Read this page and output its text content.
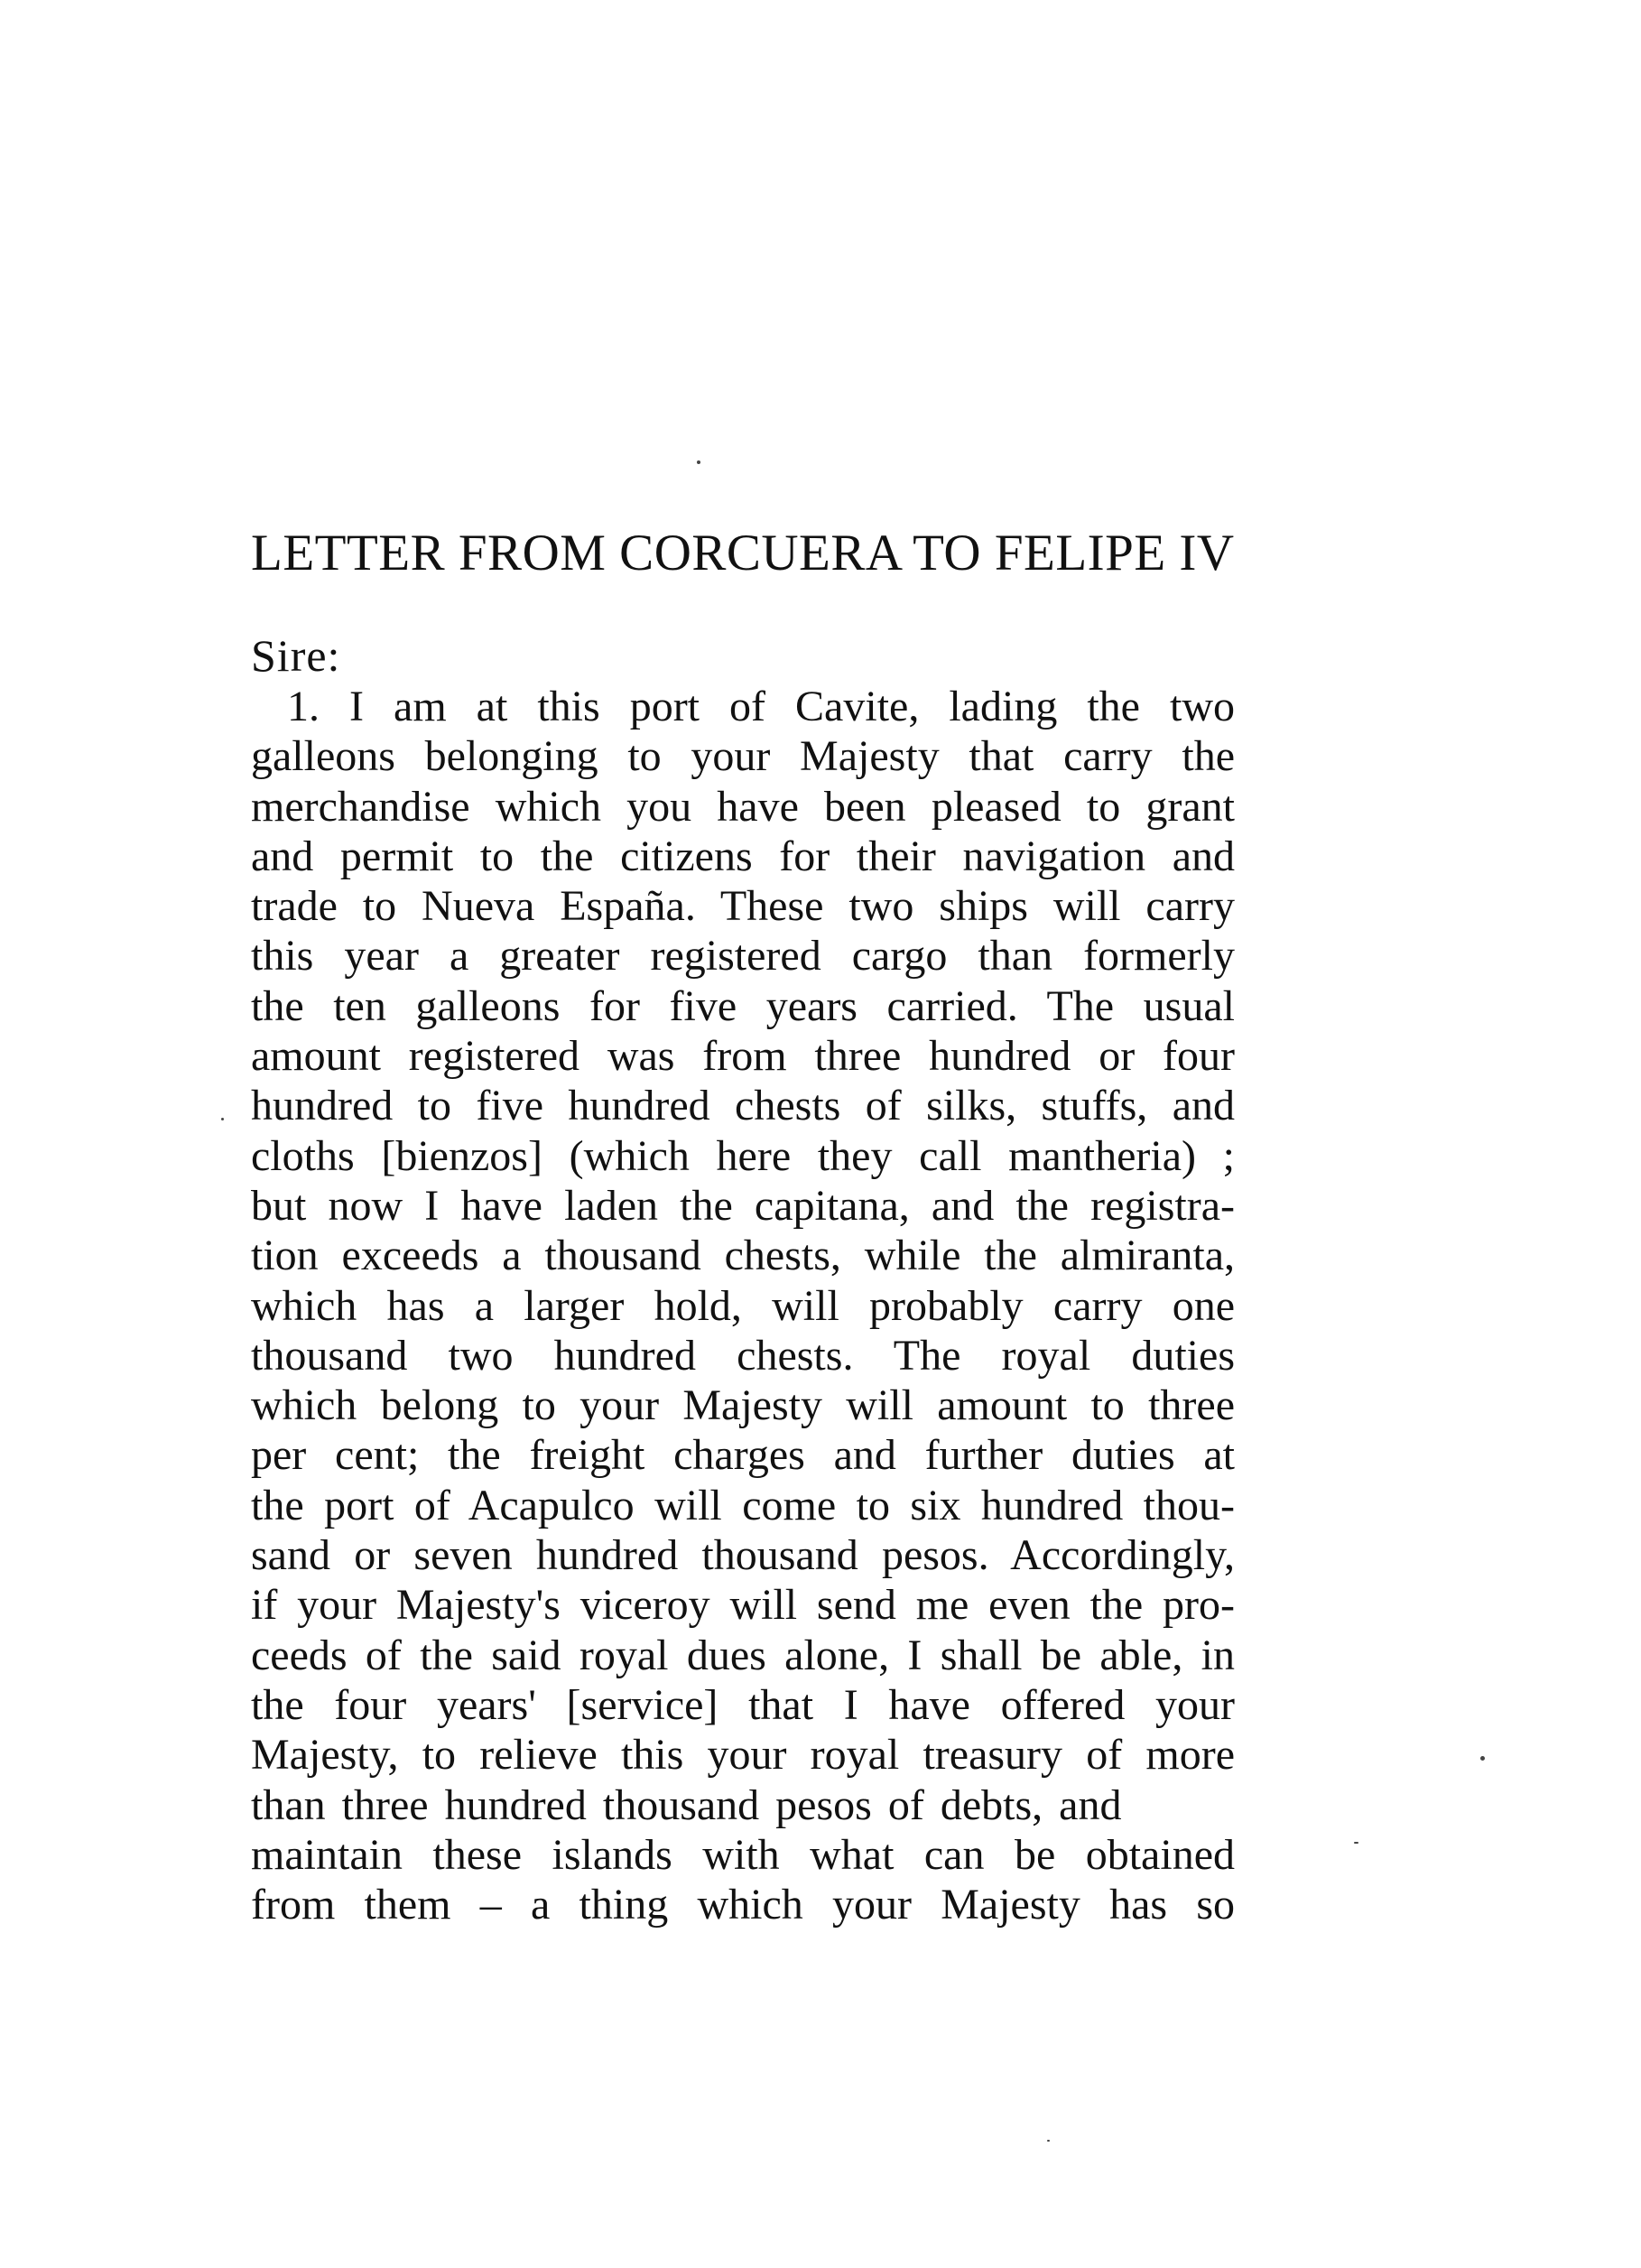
LETTER FROM CORCUERA TO FELIPE IV
Sire:
1. I am at this port of Cavite, lading the two
galleons belonging to your Majesty that carry the
merchandise which you have been pleased to grant
and permit to the citizens for their navigation and
trade to Nueva España. These two ships will carry
this year a greater registered cargo than formerly
the ten galleons for five years carried. The usual
amount registered was from three hundred or four
hundred to five hundred chests of silks, stuffs, and
cloths [bienzos] (which here they call mantheria) ;
but now I have laden the capitana, and the registra-
tion exceeds a thousand chests, while the almiranta,
which has a larger hold, will probably carry one
thousand two hundred chests. The royal duties
which belong to your Majesty will amount to three
per cent; the freight charges and further duties at
the port of Acapulco will come to six hundred thou-
sand or seven hundred thousand pesos. Accordingly,
if your Majesty's viceroy will send me even the pro-
ceeds of the said royal dues alone, I shall be able, in
the four years' [service] that I have offered your
Majesty, to relieve this your royal treasury of more
than three hundred thousand pesos of debts, and
maintain these islands with what can be obtained
from them – a thing which your Majesty has so
